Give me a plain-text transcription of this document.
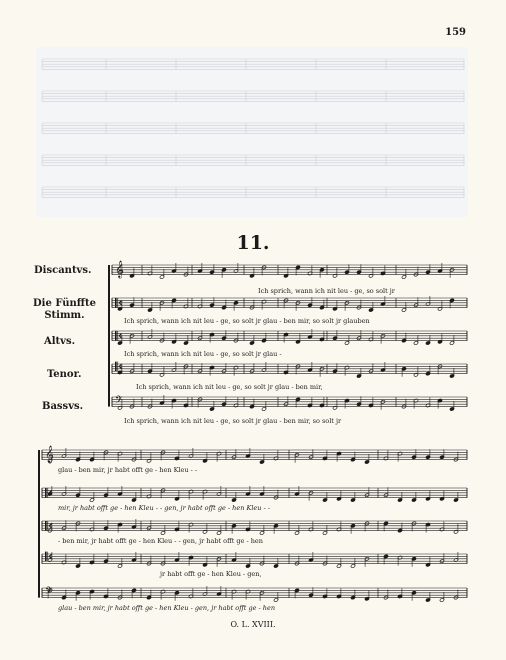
159
11.
Discantvs.
Die Fünffte
Stimm.
Altvs.
Tenor.
Bassvs.
𝄞
𝄢
𝄞
𝄢
Ich sprich, wann ich nit leu - ge, so solt jr
Ich sprich, wann ich nit leu - ge, so solt jr glau - ben mir, so solt jr glauben
Ich sprich, wann ich nit leu - ge, so solt jr glau -
Ich sprich, wann ich nit leu - ge, so solt jr glau - ben mir,
Ich sprich, wann ich nit leu - ge, so solt jr glau - ben mir, so solt jr
glau - ben mir, jr habt offt ge - hen Kleu - -
mir, jr habt offt ge - hen Kleu - - gen, jr habt offt ge - hen Kleu - -
- ben mir, jr habt offt ge - hen Kleu - - gen, jr habt offt ge - hen
jr habt offt ge - hen Kleu - gen,
glau - ben mir, jr habt offt ge - hen Kleu - gen, jr habt offt ge - hen
O. L. XVIII.
